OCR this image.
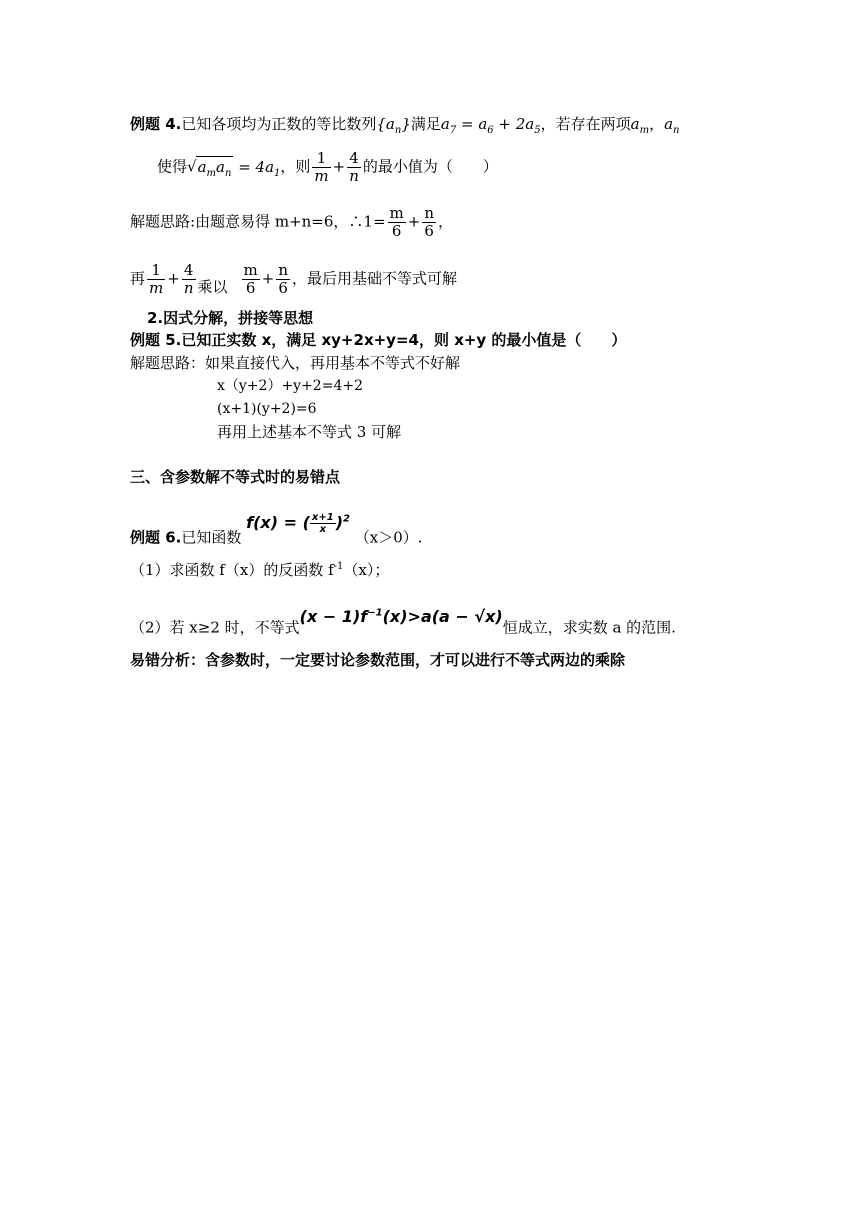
例题 4.已知各项均为正数的等比数列$\{a_n\}$满足$a_7 = a_6 + 2a_5$，若存在两项$a_m$，$a_n$
使得$√a_ma_n = 4a_1$，则 $\frac{1}{m} + \frac{4}{n}$ 的最小值为（　　）
解题思路:由题意易得 m+n=6，∴1= $\frac{m}{6} + \frac{n}{6}$ ，
再 $\frac{1}{m} + \frac{4}{n}$ 乘以 $\frac{m}{6} + \frac{n}{6}$ ，最后用基础不等式可解
2.因式分解，拼接等思想
例题 5.已知正实数 x，满足 xy+2x+y=4，则 x+y 的最小值是（　　）
解题思路：如果直接代入，再用基本不等式不好解
x（y+2）+y+2=4+2
(x+1)(y+2)=6
再用上述基本不等式 3 可解
三、含参数解不等式时的易错点
例题 6.已知函数 f(x) = ( $\frac{x+1}{x} )^2$ （x＞0）.
（1）求函数 f（x）的反函数 $f^{-1}(x)$；
（2）若 x≥2 时，不等式$(x - 1)f^{-1}(x)>a(a - √x)$恒成立，求实数 a 的范围.
易错分析：含参数时，一定要讨论参数范围，才可以进行不等式两边的乘除
